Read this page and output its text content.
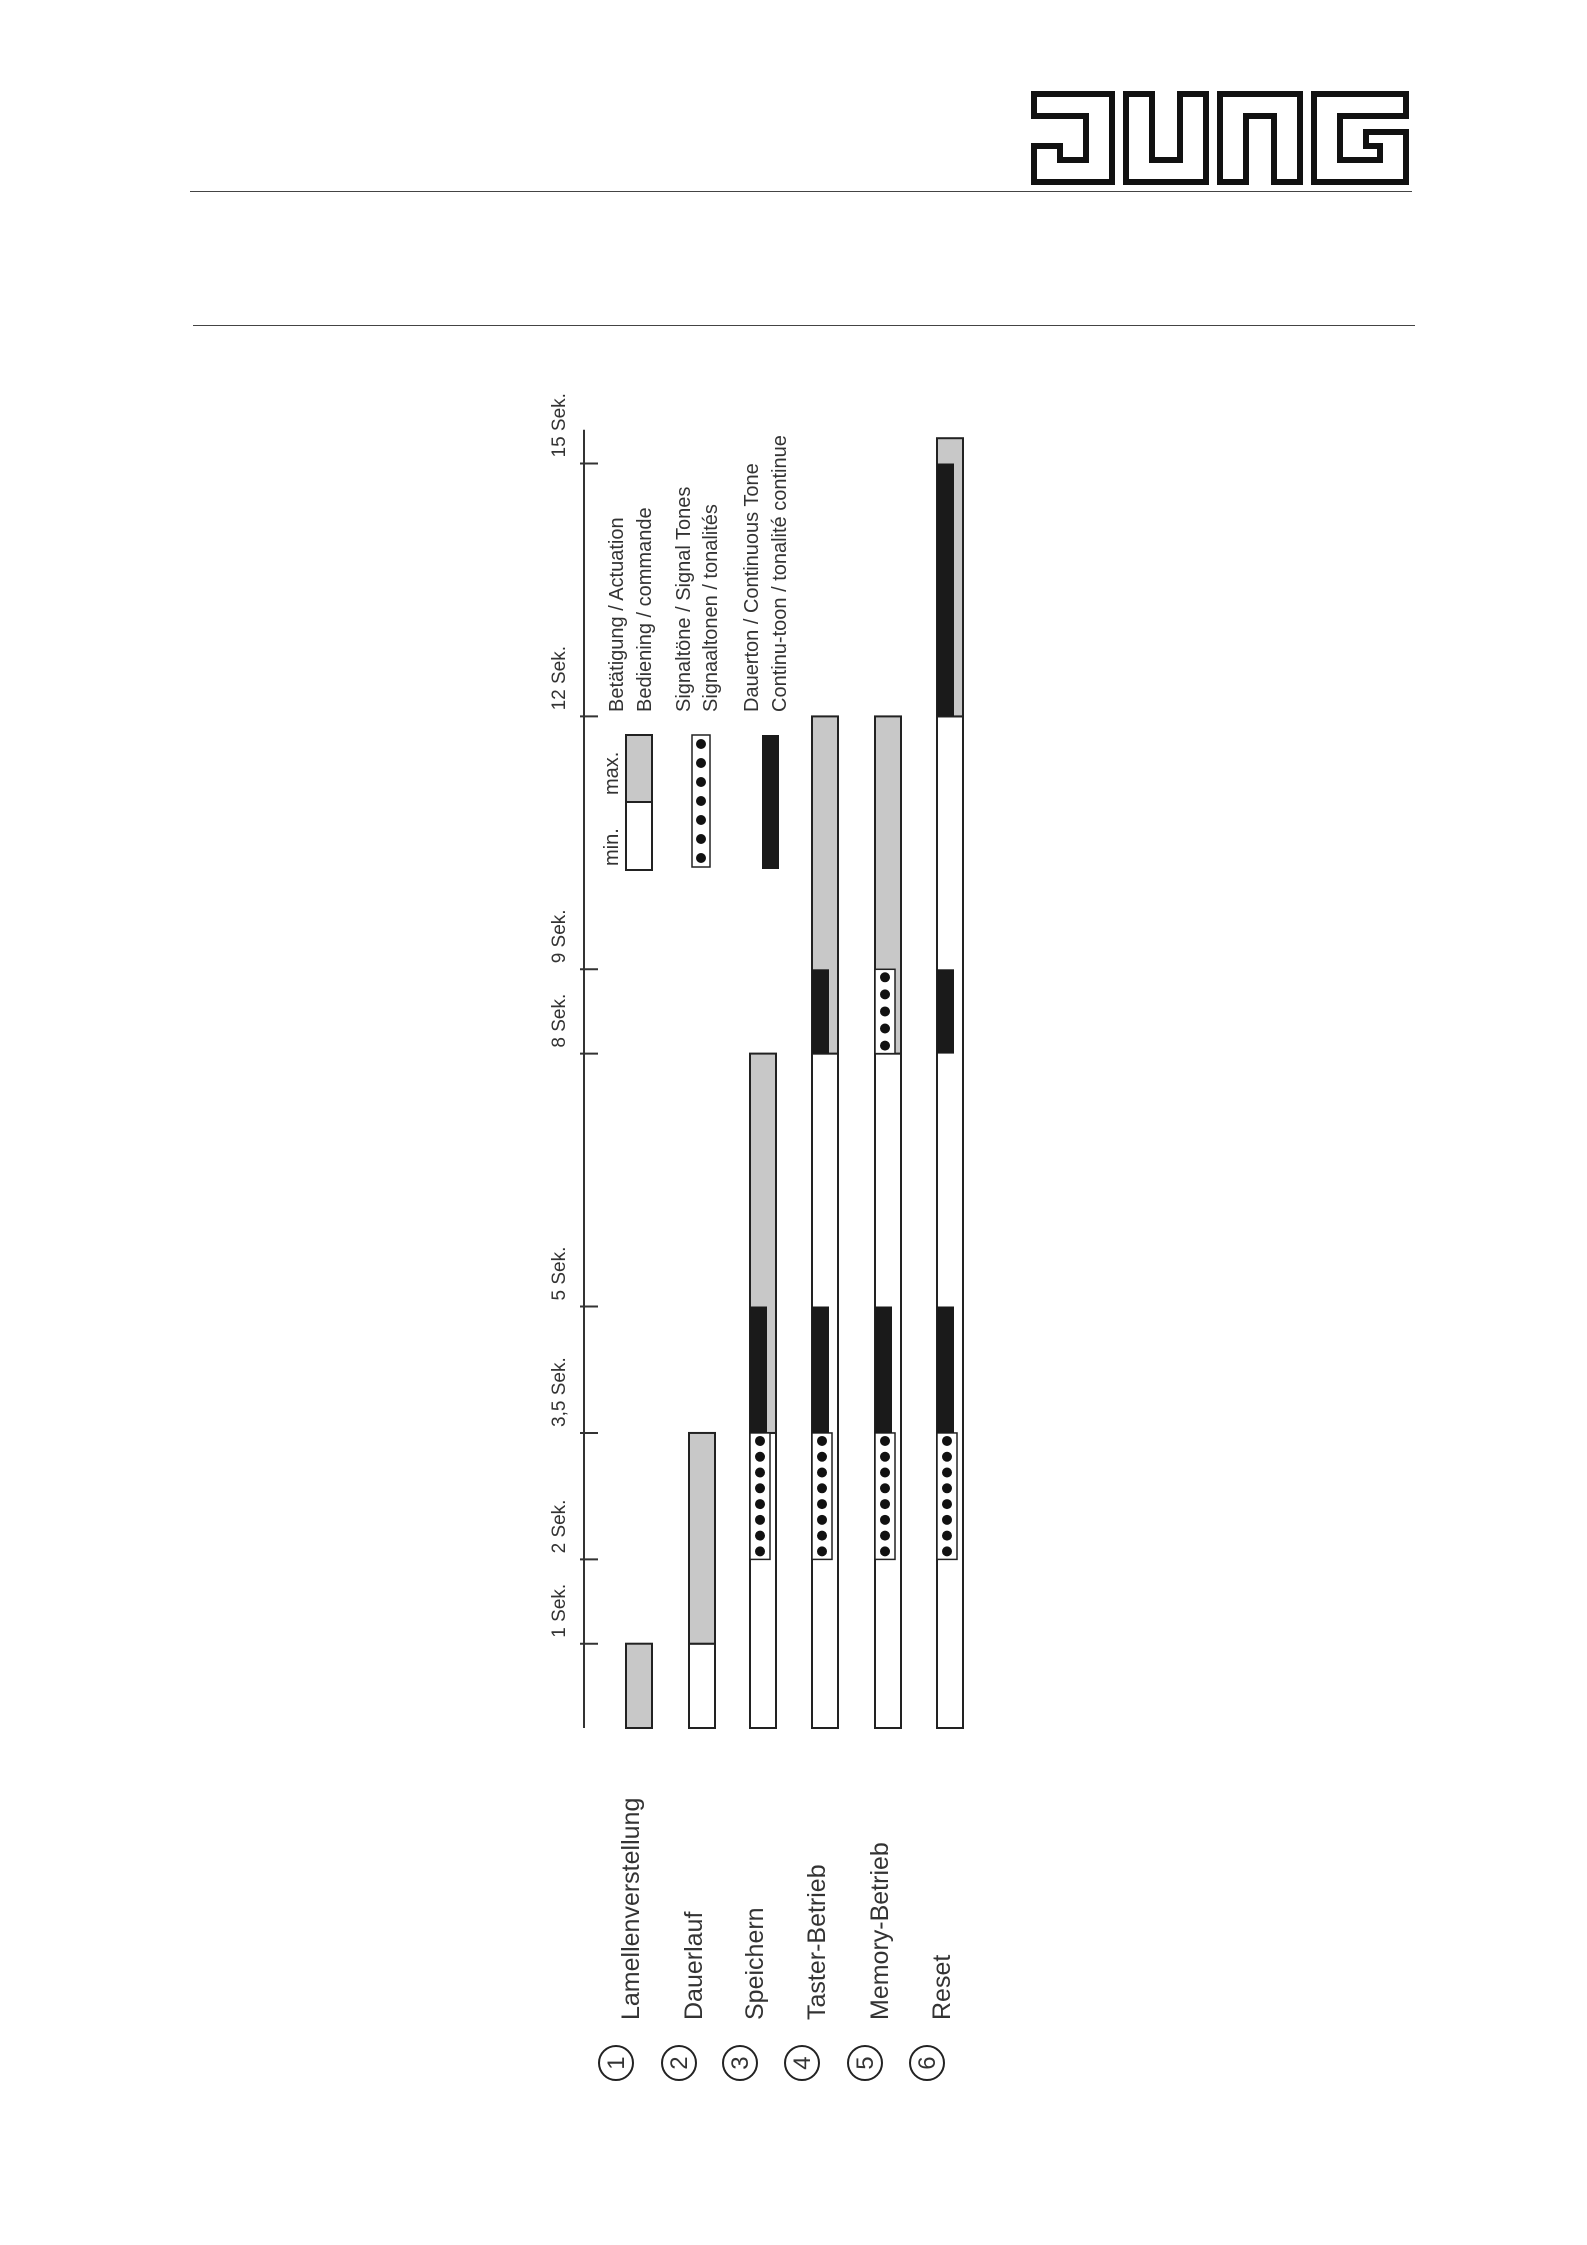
1 Sek.
2 Sek.
3,5 Sek.
5 Sek.
8 Sek.
9 Sek.
12 Sek.
15 Sek.
1
Lamellenverstellung
2
Dauerlauf
3
Speichern
4
Taster-Betrieb
5
Memory-Betrieb
6
Reset
min.
max.
Betätigung / Actuation Bediening / commande Signaltöne / Signal Tones Signaaltonen / tonalités Dauerton / Continuous Tone Continu-toon / tonalité continue
